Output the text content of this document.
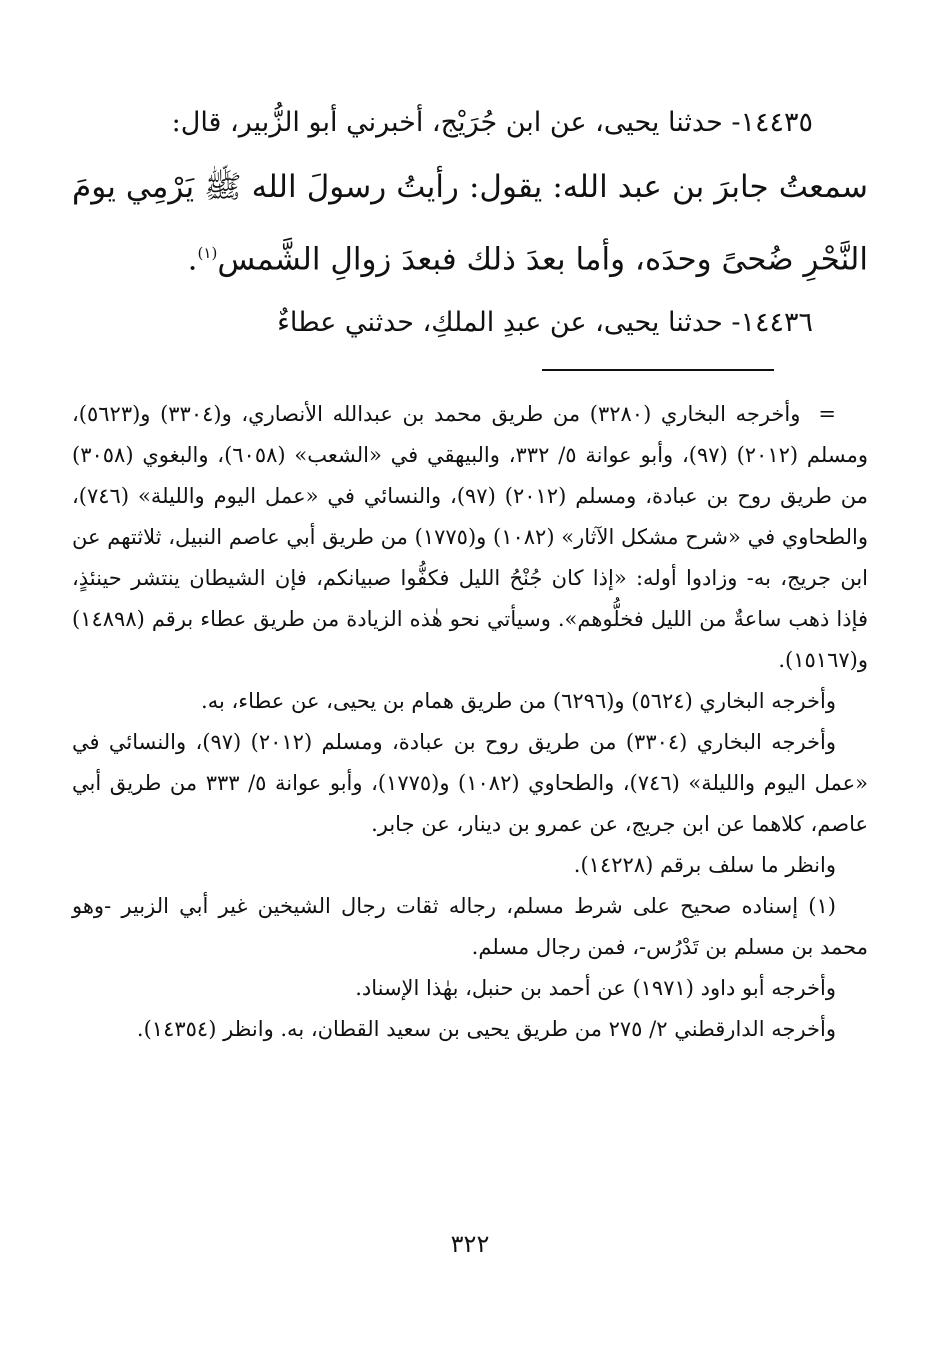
١٤٤٣٥- حدثنا يحيى، عن ابن جُرَيْج، أخبرني أبو الزُّبير، قال:

سمعتُ جابرَ بن عبد الله: يقول: رأيتُ رسولَ الله ﷺ يَرْمِي يومَ النَّحْرِ ضُحىً وحدَه، وأما بعدَ ذلك فبعدَ زوالِ الشَّمس$^{(١)}$.

١٤٤٣٦- حدثنا يحيى، عن عبدِ الملكِ، حدثني عطاءٌ

=وأخرجه البخاري (٣٢٨٠) من طريق محمد بن عبدالله الأنصاري، و(٣٣٠٤) و(٥٦٢٣)، ومسلم (٢٠١٢) (٩٧)، وأبو عوانة ٥/ ٣٣٢، والبيهقي في «الشعب» (٦٠٥٨)، والبغوي (٣٠٥٨) من طريق روح بن عبادة، ومسلم (٢٠١٢) (٩٧)، والنسائي في «عمل اليوم والليلة» (٧٤٦)، والطحاوي في «شرح مشكل الآثار» (١٠٨٢) و(١٧٧٥) من طريق أبي عاصم النبيل، ثلاثتهم عن ابن جريج، به- وزادوا أوله: «إذا كان جُنْحُ الليل فكفُّوا صبيانكم، فإن الشيطان ينتشر حينئذٍ، فإذا ذهب ساعةٌ من الليل فخلُّوهم». وسيأتي نحو هٰذه الزيادة من طريق عطاء برقم (١٤٨٩٨) و(١٥١٦٧).

وأخرجه البخاري (٥٦٢٤) و(٦٢٩٦) من طريق همام بن يحيى، عن عطاء، به.

وأخرجه البخاري (٣٣٠٤) من طريق روح بن عبادة، ومسلم (٢٠١٢) (٩٧)، والنسائي في «عمل اليوم والليلة» (٧٤٦)، والطحاوي (١٠٨٢) و(١٧٧٥)، وأبو عوانة ٥/ ٣٣٣ من طريق أبي عاصم، كلاهما عن ابن جريج، عن عمرو بن دينار، عن جابر.

وانظر ما سلف برقم (١٤٢٢٨).

(١) إسناده صحيح على شرط مسلم، رجاله ثقات رجال الشيخين غير أبي الزبير -وهو محمد بن مسلم بن تَدْرُس-، فمن رجال مسلم.

وأخرجه أبو داود (١٩٧١) عن أحمد بن حنبل، بهٰذا الإسناد.

وأخرجه الدارقطني ٢/ ٢٧٥ من طريق يحيى بن سعيد القطان، به. وانظر (١٤٣٥٤).

٣٢٢
